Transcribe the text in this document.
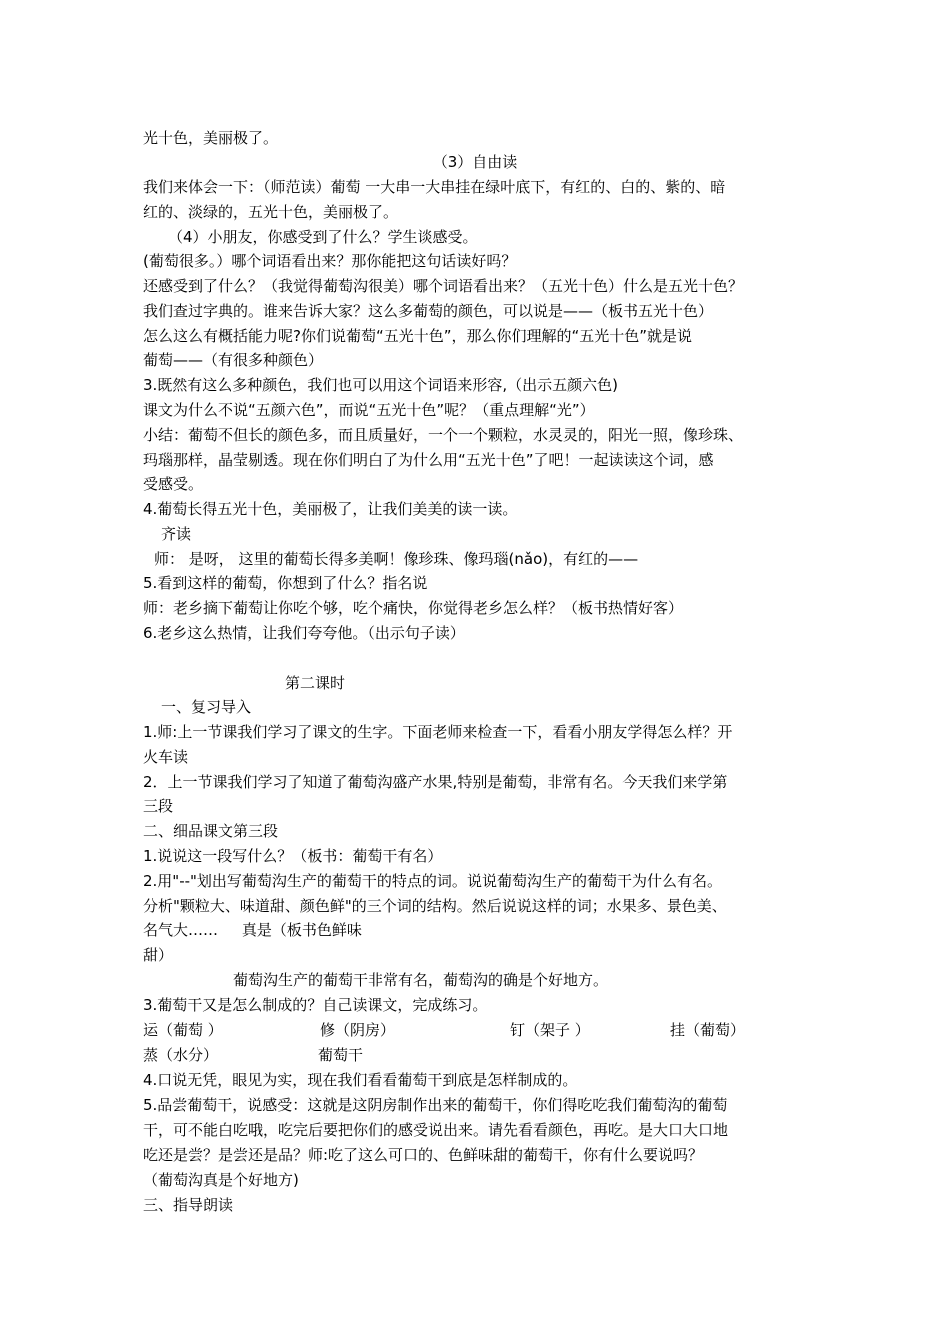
光十色，美丽极了。
（3）自由读
我们来体会一下：（师范读）葡萄 一大串一大串挂在绿叶底下，有红的、白的、紫的、暗
红的、淡绿的，五光十色，美丽极了。
（4）小朋友，你感受到了什么？学生谈感受。
(葡萄很多。）哪个词语看出来？那你能把这句话读好吗？
还感受到了什么？（我觉得葡萄沟很美）哪个词语看出来？（五光十色）什么是五光十色？
我们查过字典的。谁来告诉大家？这么多葡萄的颜色，可以说是——（板书五光十色）
怎么这么有概括能力呢?你们说葡萄“五光十色”，那么你们理解的“五光十色”就是说
葡萄——（有很多种颜色）
3.既然有这么多种颜色，我们也可以用这个词语来形容,（出示五颜六色)
课文为什么不说“五颜六色”，而说“五光十色”呢？（重点理解“光”）
小结：葡萄不但长的颜色多，而且质量好，一个一个颗粒，水灵灵的，阳光一照，像珍珠、
玛瑙那样，晶莹剔透。现在你们明白了为什么用“五光十色”了吧！一起读读这个词，感
受感受。
4.葡萄长得五光十色，美丽极了，让我们美美的读一读。
齐读
师： 是呀， 这里的葡萄长得多美啊！像珍珠、像玛瑙(nǎo)，有红的——
5.看到这样的葡萄，你想到了什么？指名说
师：老乡摘下葡萄让你吃个够，吃个痛快，你觉得老乡怎么样？（板书热情好客）
6.老乡这么热情，让我们夸夸他。（出示句子读）
第二课时
一、复习导入
1.师:上一节课我们学习了课文的生字。下面老师来检查一下，看看小朋友学得怎么样？开
火车读
2．上一节课我们学习了知道了葡萄沟盛产水果,特别是葡萄，非常有名。今天我们来学第
三段
二、细品课文第三段
1.说说这一段写什么？（板书：葡萄干有名）
2.用"--"划出写葡萄沟生产的葡萄干的特点的词。说说葡萄沟生产的葡萄干为什么有名。
分析"颗粒大、味道甜、颜色鲜"的三个词的结构。然后说说这样的词；水果多、景色美、
名气大……     真是（板书色鲜味
甜）
葡萄沟生产的葡萄干非常有名，葡萄沟的确是个好地方。
3.葡萄干又是怎么制成的？自己读课文，完成练习。
运（葡萄 ）	修（阴房）	钉（架子 ）	挂（葡萄）
蒸（水分）	葡萄干
4.口说无凭，眼见为实，现在我们看看葡萄干到底是怎样制成的。
5.品尝葡萄干，说感受：这就是这阴房制作出来的葡萄干，你们得吃吃我们葡萄沟的葡萄
干，可不能白吃哦，吃完后要把你们的感受说出来。请先看看颜色，再吃。是大口大口地
吃还是尝？是尝还是品？师:吃了这么可口的、色鲜味甜的葡萄干，你有什么要说吗？
（葡萄沟真是个好地方)
三、指导朗读
